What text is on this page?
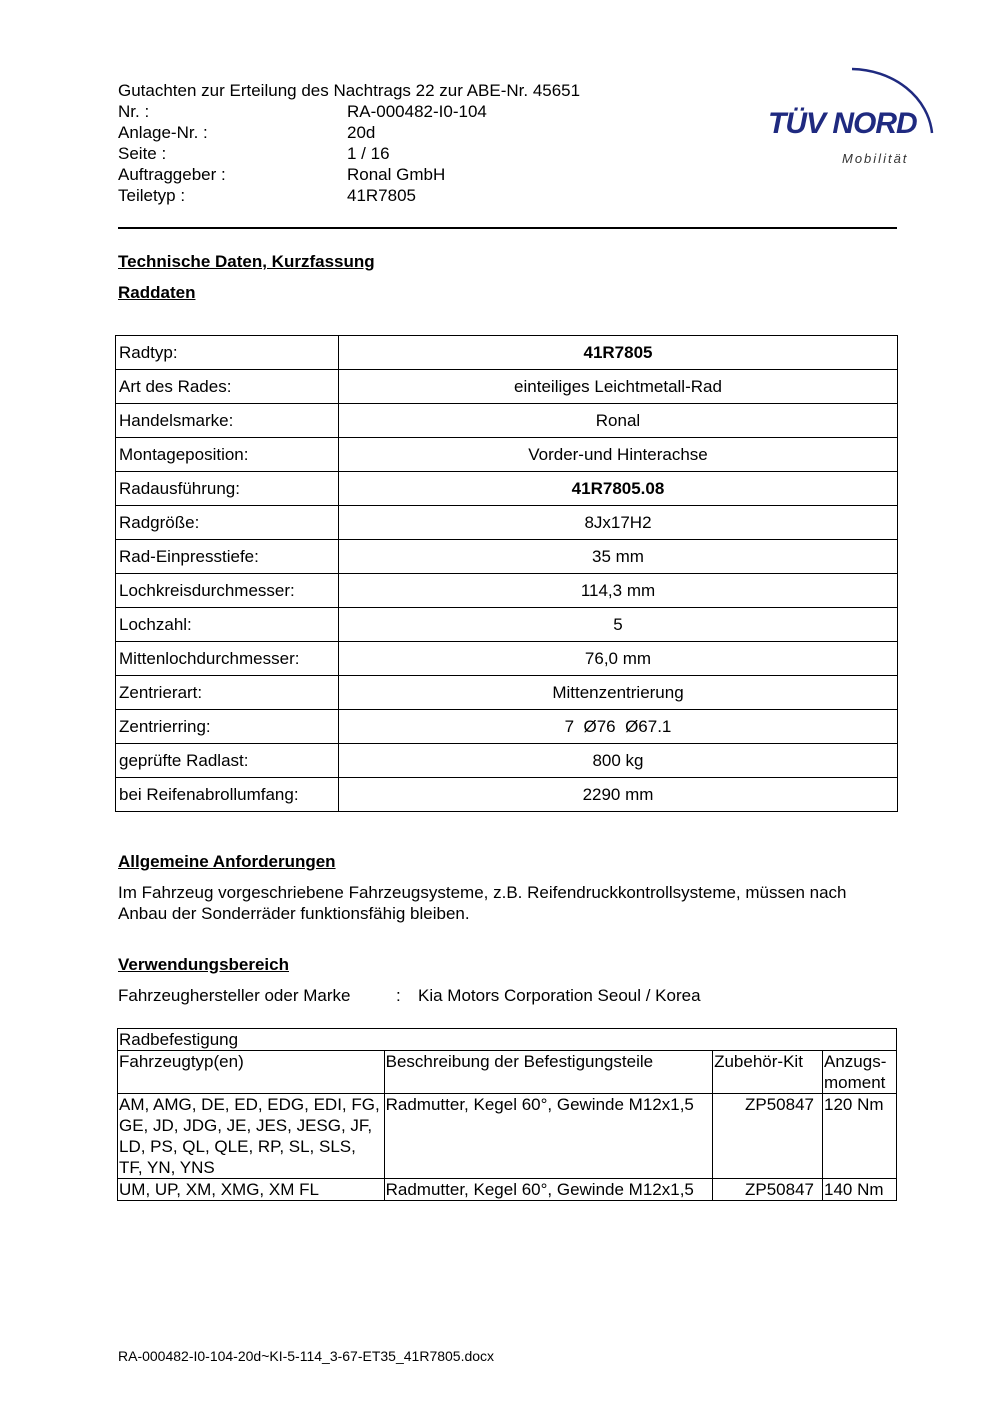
Gutachten zur Erteilung des Nachtrags 22 zur ABE-Nr. 45651
Nr. :	RA-000482-I0-104
Anlage-Nr. :	20d
Seite :	1 / 16
Auftraggeber :	Ronal GmbH
Teiletyp :	41R7805
TÜV NORD
Mobilität
Technische Daten, Kurzfassung
Raddaten
Radtyp:	41R7805
Art des Rades:	einteiliges Leichtmetall-Rad
Handelsmarke:	Ronal
Montageposition:	Vorder-und Hinterachse
Radausführung:	41R7805.08
Radgröße:	8Jx17H2
Rad-Einpresstiefe:	35 mm
Lochkreisdurchmesser:	114,3 mm
Lochzahl:	5
Mittenlochdurchmesser:	76,0 mm
Zentrierart:	Mittenzentrierung
Zentrierring:	7  Ø76  Ø67.1
geprüfte Radlast:	800 kg
bei Reifenabrollumfang:	2290 mm
Allgemeine Anforderungen
Im Fahrzeug vorgeschriebene Fahrzeugsysteme, z.B. Reifendruckkontrollsysteme, müssen nach Anbau der Sonderräder funktionsfähig bleiben.
Verwendungsbereich
Fahrzeughersteller oder Marke	:	Kia Motors Corporation Seoul / Korea
Radbefestigung			
Fahrzeugtyp(en)	Beschreibung der Befestigungsteile	Zubehör-Kit	Anzugs-moment
AM, AMG, DE, ED, EDG, EDI, FG, GE, JD, JDG, JE, JES, JESG, JF, LD, PS, QL, QLE, RP, SL, SLS, TF, YN, YNS	Radmutter, Kegel 60°, Gewinde M12x1,5	ZP50847	120 Nm
UM, UP, XM, XMG, XM FL	Radmutter, Kegel 60°, Gewinde M12x1,5	ZP50847	140 Nm
RA-000482-I0-104-20d~KI-5-114_3-67-ET35_41R7805.docx
